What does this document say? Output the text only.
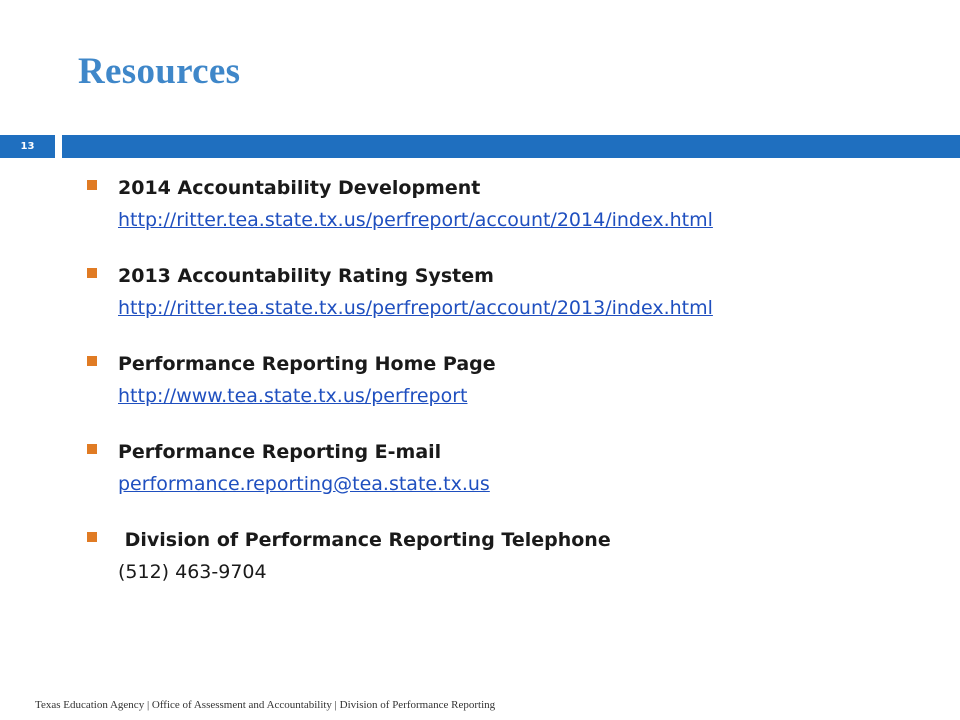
Resources
13
2014 Accountability Development
http://ritter.tea.state.tx.us/perfreport/account/2014/index.html
2013 Accountability Rating System
http://ritter.tea.state.tx.us/perfreport/account/2013/index.html
Performance Reporting Home Page
http://www.tea.state.tx.us/perfreport
Performance Reporting E-mail
performance.reporting@tea.state.tx.us
Division of Performance Reporting Telephone
(512) 463-9704
Texas Education Agency | Office of Assessment and Accountability | Division of Performance Reporting
